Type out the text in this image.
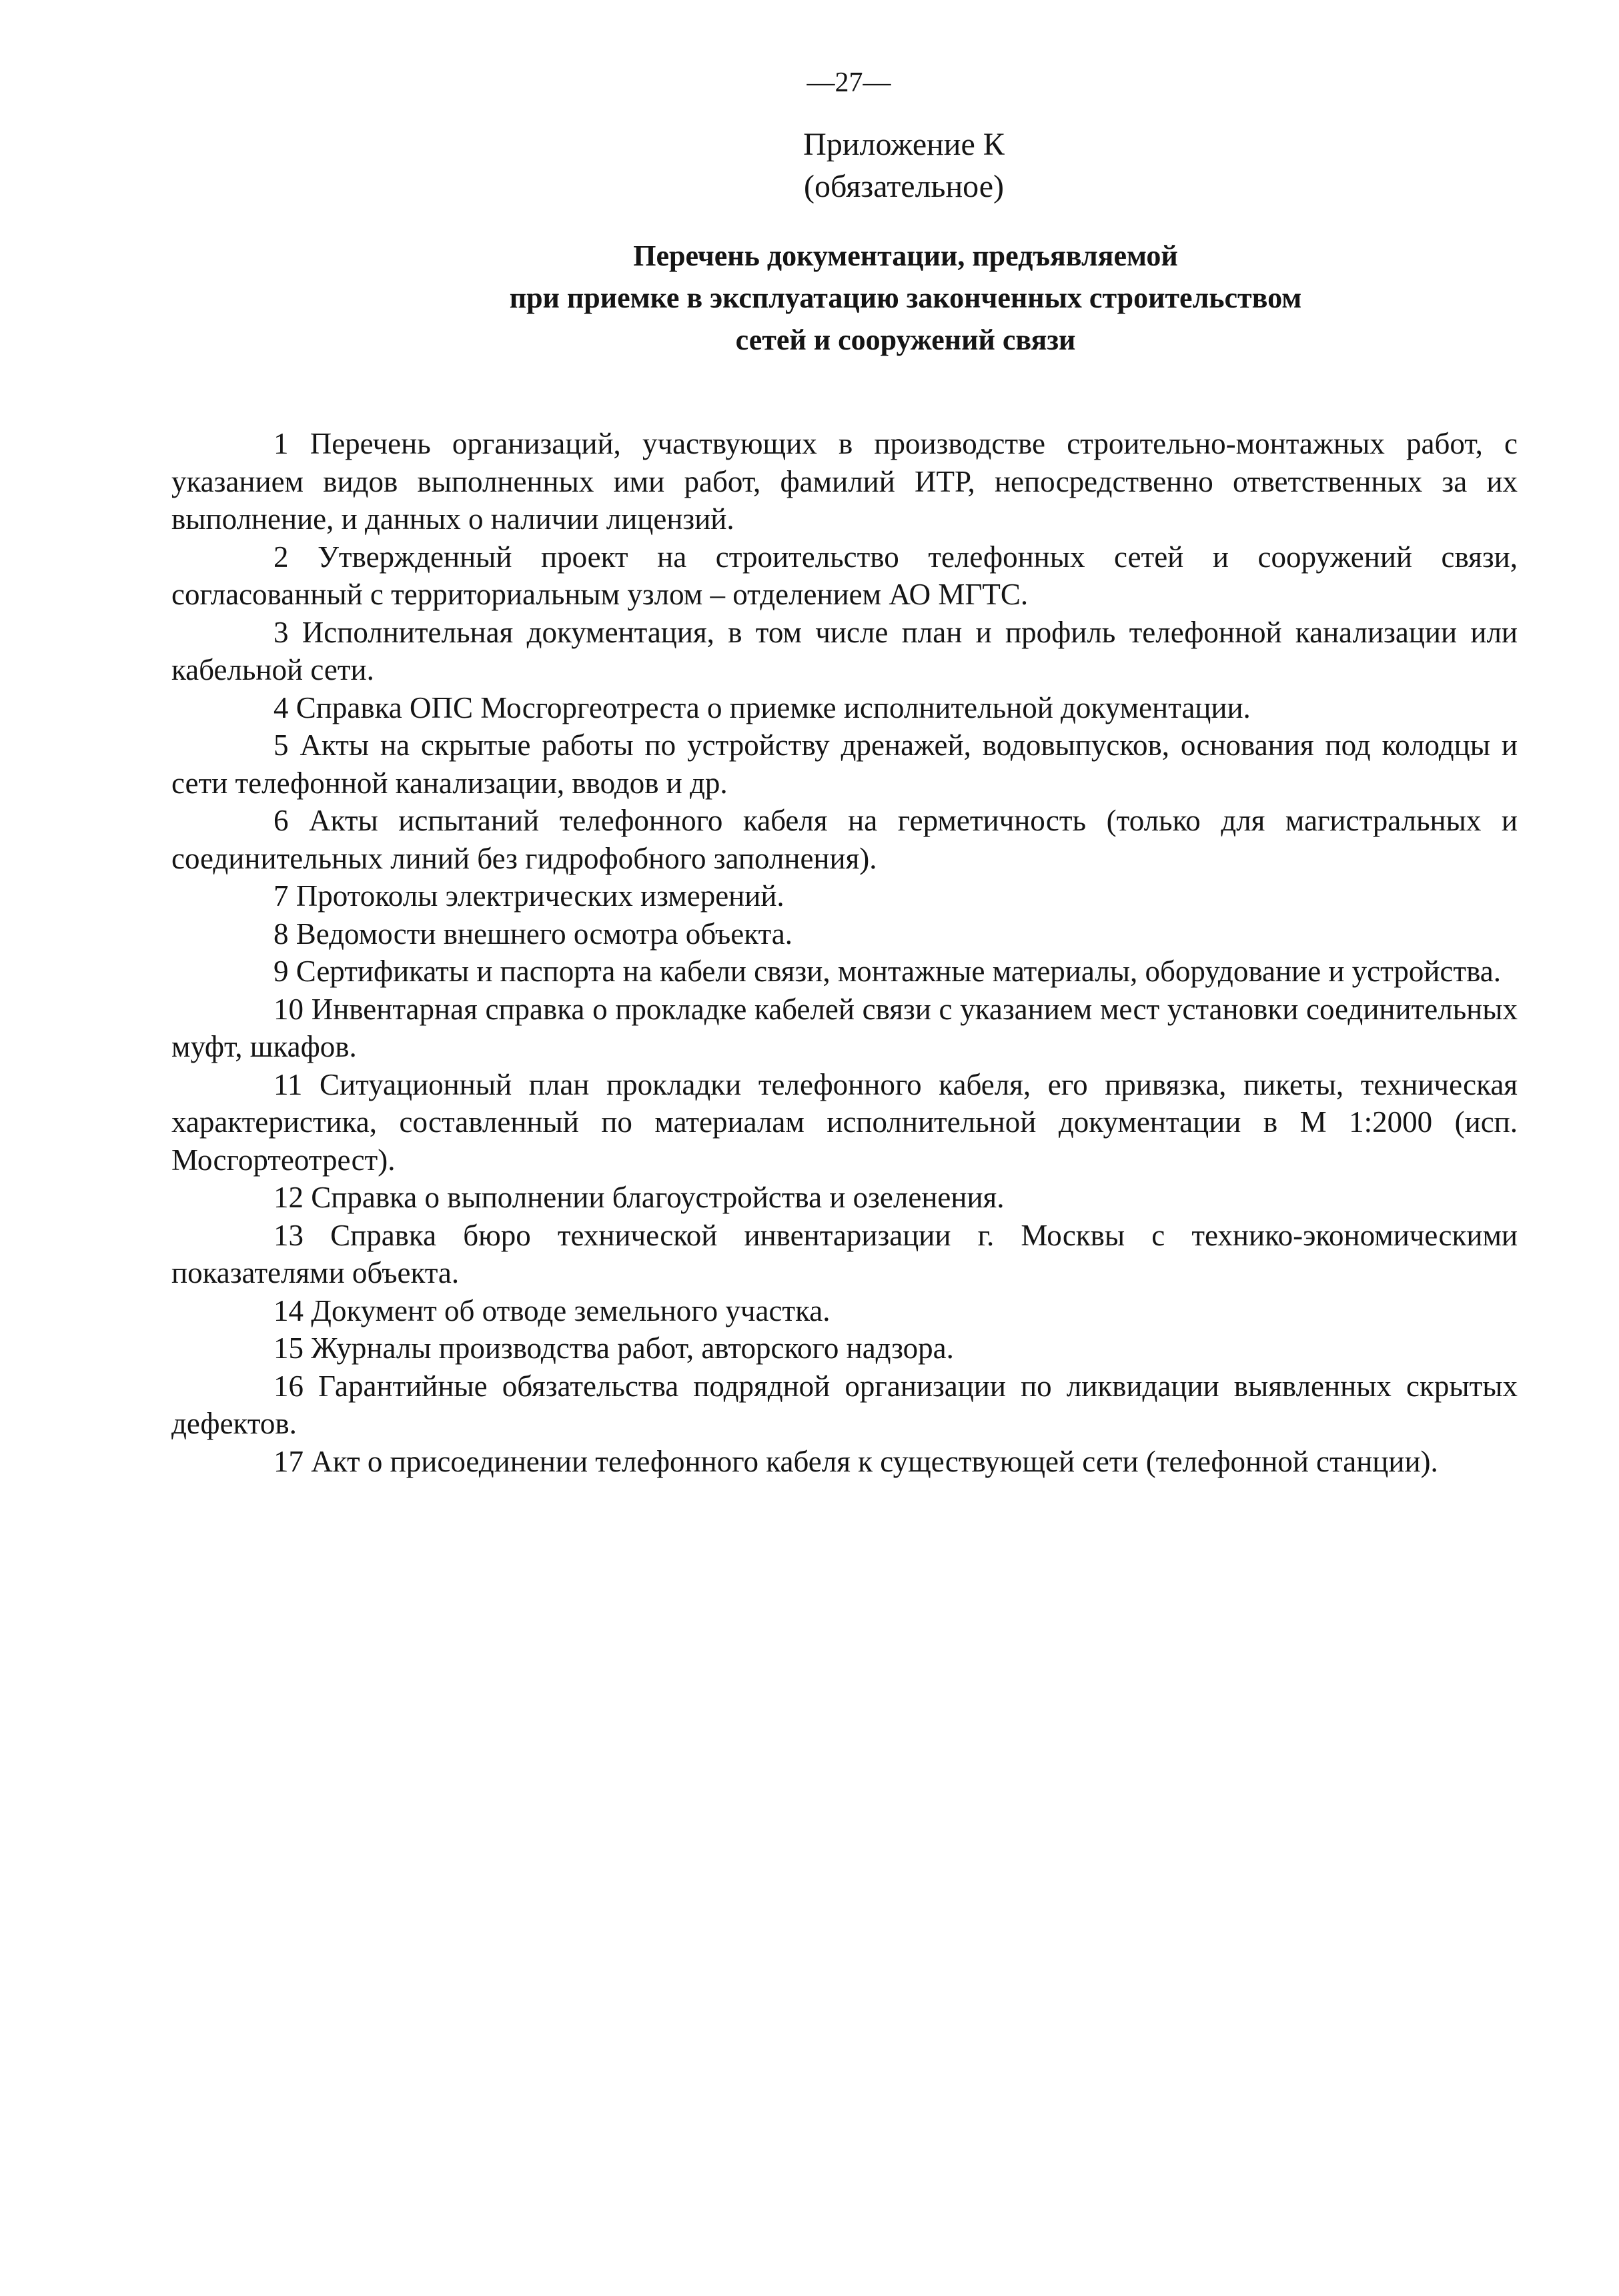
—27—
Приложение К
(обязательное)
Перечень документации, предъявляемой
при приемке в эксплуатацию законченных строительством
сетей и сооружений связи

1 Перечень организаций, участвующих в производстве строительно-монтажных работ, с указанием видов выполненных ими работ, фамилий ИТР, непосредственно ответственных за их выполнение, и данных о наличии лицензий.

2 Утвержденный проект на строительство телефонных сетей и сооружений связи, согласованный с территориальным узлом – отделением АО МГТС.

3 Исполнительная документация, в том числе план и профиль телефонной канализации или кабельной сети.

4 Справка ОПС Мосгоргеотреста о приемке исполнительной документации.

5 Акты на скрытые работы по устройству дренажей, водовыпусков, основания под колодцы и сети телефонной канализации, вводов и др.

6 Акты испытаний телефонного кабеля на герметичность (только для магистральных и соединительных линий без гидрофобного заполнения).

7 Протоколы электрических измерений.

8 Ведомости внешнего осмотра объекта.

9 Сертификаты и паспорта на кабели связи, монтажные материалы, оборудование и устройства.

10 Инвентарная справка о прокладке кабелей связи с указанием мест установки соединительных муфт, шкафов.

11 Ситуационный план прокладки телефонного кабеля, его привязка, пикеты, техническая характеристика, составленный по материалам исполнительной документации в М 1:2000 (исп. Мосгортеотрест).

12 Справка о выполнении благоустройства и озеленения.

13 Справка бюро технической инвентаризации г. Москвы с технико-экономическими показателями объекта.

14 Документ об отводе земельного участка.

15 Журналы производства работ, авторского надзора.

16 Гарантийные обязательства подрядной организации по ликвидации выявленных скрытых дефектов.

17 Акт о присоединении телефонного кабеля к существующей сети (телефонной станции).
